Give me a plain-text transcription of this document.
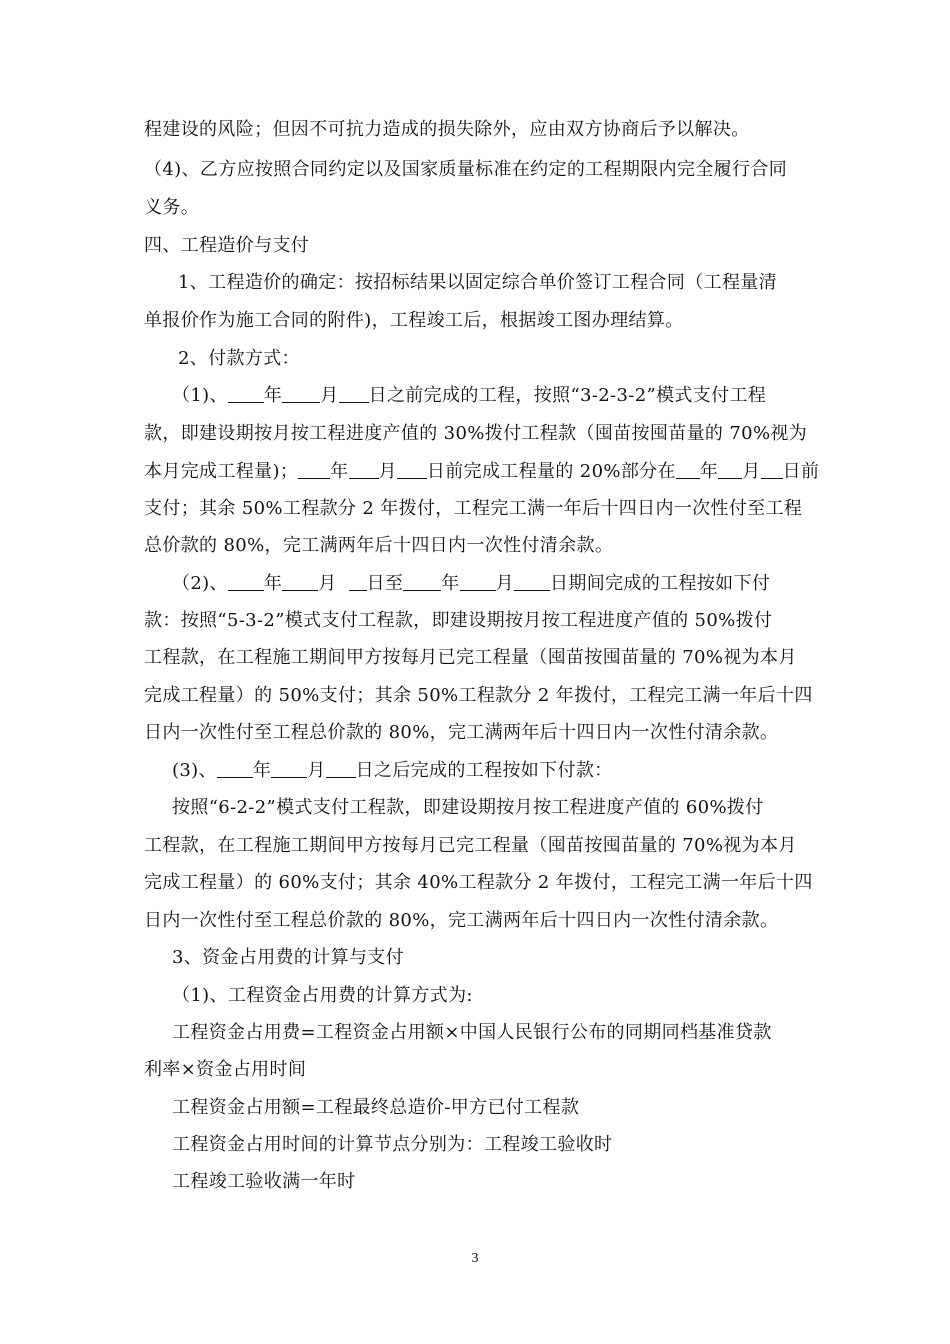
程建设的风险；但因不可抗力造成的损失除外，应由双方协商后予以解决。
（4)、乙方应按照合同约定以及国家质量标准在约定的工程期限内完全履行合同
义务。
四、工程造价与支付
1、工程造价的确定：按招标结果以固定综合单价签订工程合同（工程量清
单报价作为施工合同的附件)，工程竣工后，根据竣工图办理结算。
2、付款方式：
（1)、 年 月 日之前完成的工程，按照“3-2-3-2”模式支付工程
款，即建设期按月按工程进度产值的 30%拨付工程款（囤苗按囤苗量的 70%视为
本月完成工程量)； 年 月 日前完成工程量的 20%部分在 年 月 日前
支付；其余 50%工程款分 2 年拨付，工程完工满一年后十四日内一次性付至工程
总价款的 80%，完工满两年后十四日内一次性付清余款。
（2)、 年 月 日至 年 月 日期间完成的工程按如下付
款：按照“5-3-2”模式支付工程款，即建设期按月按工程进度产值的 50%拨付
工程款，在工程施工期间甲方按每月已完工程量（囤苗按囤苗量的 70%视为本月
完成工程量）的 50%支付；其余 50%工程款分 2 年拨付，工程完工满一年后十四
日内一次性付至工程总价款的 80%，完工满两年后十四日内一次性付清余款。
(3)、 年 月 日之后完成的工程按如下付款：
按照“6-2-2”模式支付工程款，即建设期按月按工程进度产值的 60%拨付
工程款，在工程施工期间甲方按每月已完工程量（囤苗按囤苗量的 70%视为本月
完成工程量）的 60%支付；其余 40%工程款分 2 年拨付，工程完工满一年后十四
日内一次性付至工程总价款的 80%，完工满两年后十四日内一次性付清余款。
3、资金占用费的计算与支付
（1)、工程资金占用费的计算方式为:
工程资金占用费=工程资金占用额×中国人民银行公布的同期同档基准贷款
利率×资金占用时间
工程资金占用额=工程最终总造价-甲方已付工程款
工程资金占用时间的计算节点分别为：工程竣工验收时
工程竣工验收满一年时
3
